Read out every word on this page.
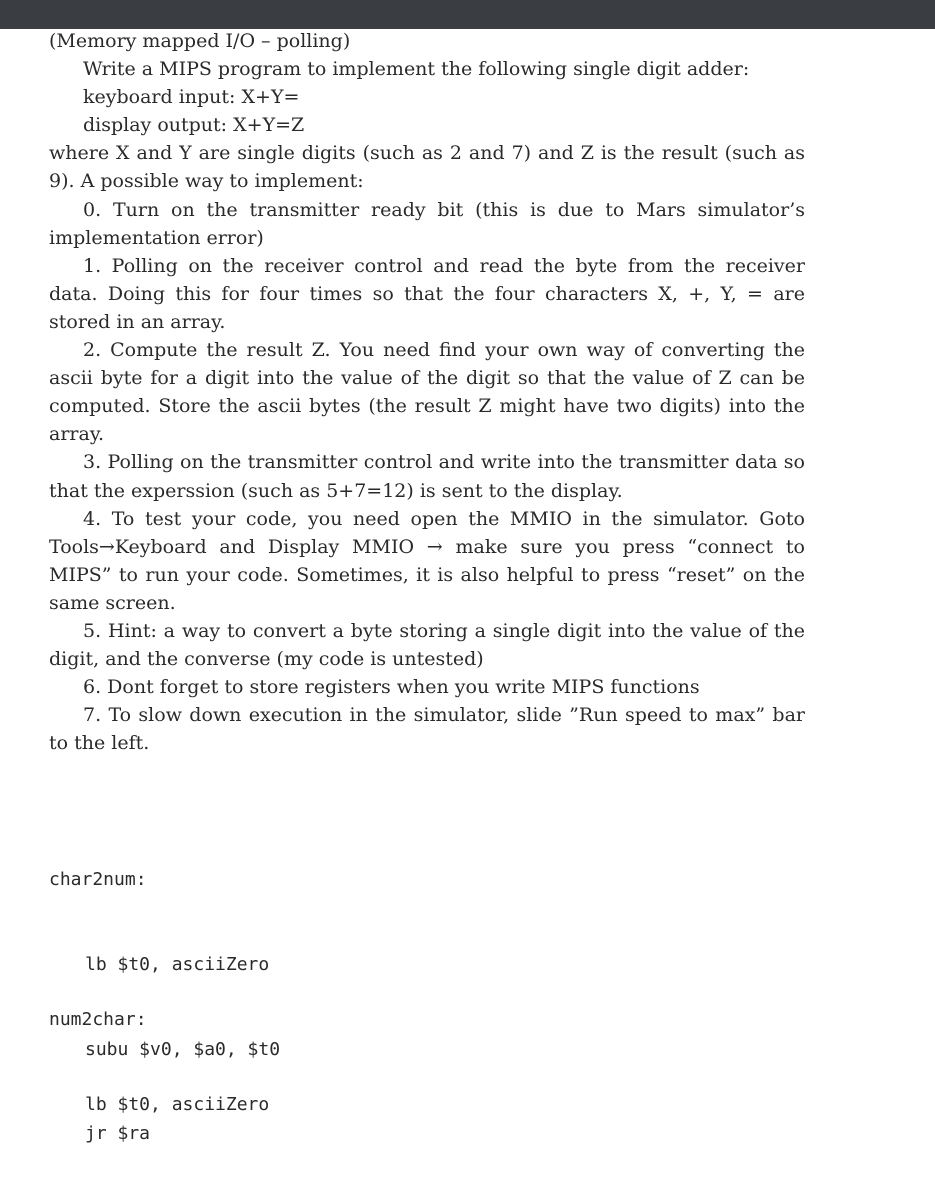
(Memory mapped I/O – polling)

Write a MIPS program to implement the following single digit adder:

keyboard input: X+Y=

display output: X+Y=Z

where X and Y are single digits (such as 2 and 7) and Z is the result (such as 9). A possible way to implement:

0. Turn on the transmitter ready bit (this is due to Mars simulator’s implementation error)

1. Polling on the receiver control and read the byte from the receiver data. Doing this for four times so that the four characters X, +, Y, = are stored in an array.

2. Compute the result Z. You need find your own way of converting the ascii byte for a digit into the value of the digit so that the value of Z can be computed. Store the ascii bytes (the result Z might have two digits) into the array.

3. Polling on the transmitter control and write into the transmitter data so that the experssion (such as 5+7=12) is sent to the display.

4. To test your code, you need open the MMIO in the simulator. Goto Tools→Keyboard and Display MMIO → make sure you press “connect to MIPS” to run your code. Sometimes, it is also helpful to press “reset” on the same screen.

5. Hint: a way to convert a byte storing a single digit into the value of the digit, and the converse (my code is untested)

6. Dont forget to store registers when you write MIPS functions

7. To slow down execution in the simulator, slide ”Run speed to max” bar to the left.

char2num:

lb $t0, asciiZero

subu $v0, $a0, $t0

jr $ra

num2char:

lb $t0, asciiZero
